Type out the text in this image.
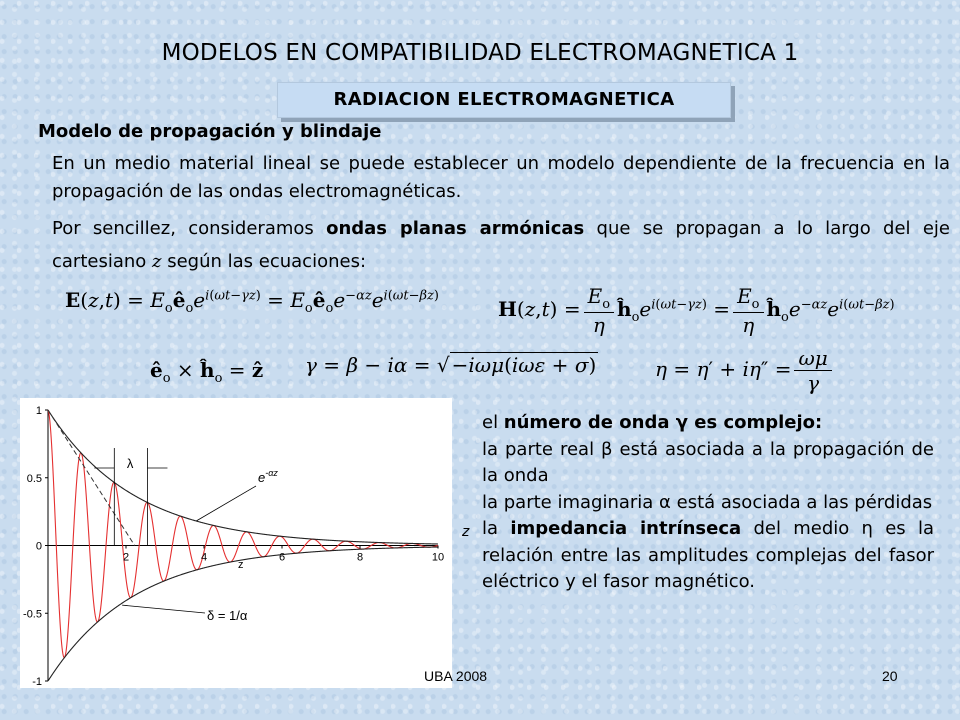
MODELOS EN COMPATIBILIDAD ELECTROMAGNETICA 1
RADIACION ELECTROMAGNETICA
Modelo de propagación y blindaje
En un medio material lineal se puede establecer un modelo dependiente de la frecuencia en la propagación de las ondas electromagnéticas.
Por sencillez, consideramos ondas planas armónicas que se propagan a lo largo del eje cartesiano z según las ecuaciones:
$E(z,t) = E_oê_oe^{i(\omega t-\gamma z)}$ = $E_oê_oe^{-\alpha z}e^{i(\omega t-\beta z)}$
$H(z,t) = \frac{E_o}{\eta}$ $ĥ_oe^{i(\omega t-\gamma z)} = \frac{E_o}{\eta}$ $ĥ_oe^{-\alpha z}e^{i(\omega t-\beta z)}$
$ê_o$ × $ĥ_o$ = ẑ γ = β − iα = √ −iωμ(iωε + σ)	$\eta = \eta' + i\eta'' = \frac{\omega\mu}{\gamma}$
1
0.5
0
-0.5
-1
2	4	6	8	10
λ
$e^{-\alpha z}$
δ = 1/α
z
z

el número de onda γ es complejo:

la parte real β está asociada a la propagación de la onda

la parte imaginaria α está asociada a las pérdidas

la impedancia intrínseca del medio η es la relación entre las amplitudes complejas del fasor eléctrico y el fasor magnético.

UBA 2008	20
